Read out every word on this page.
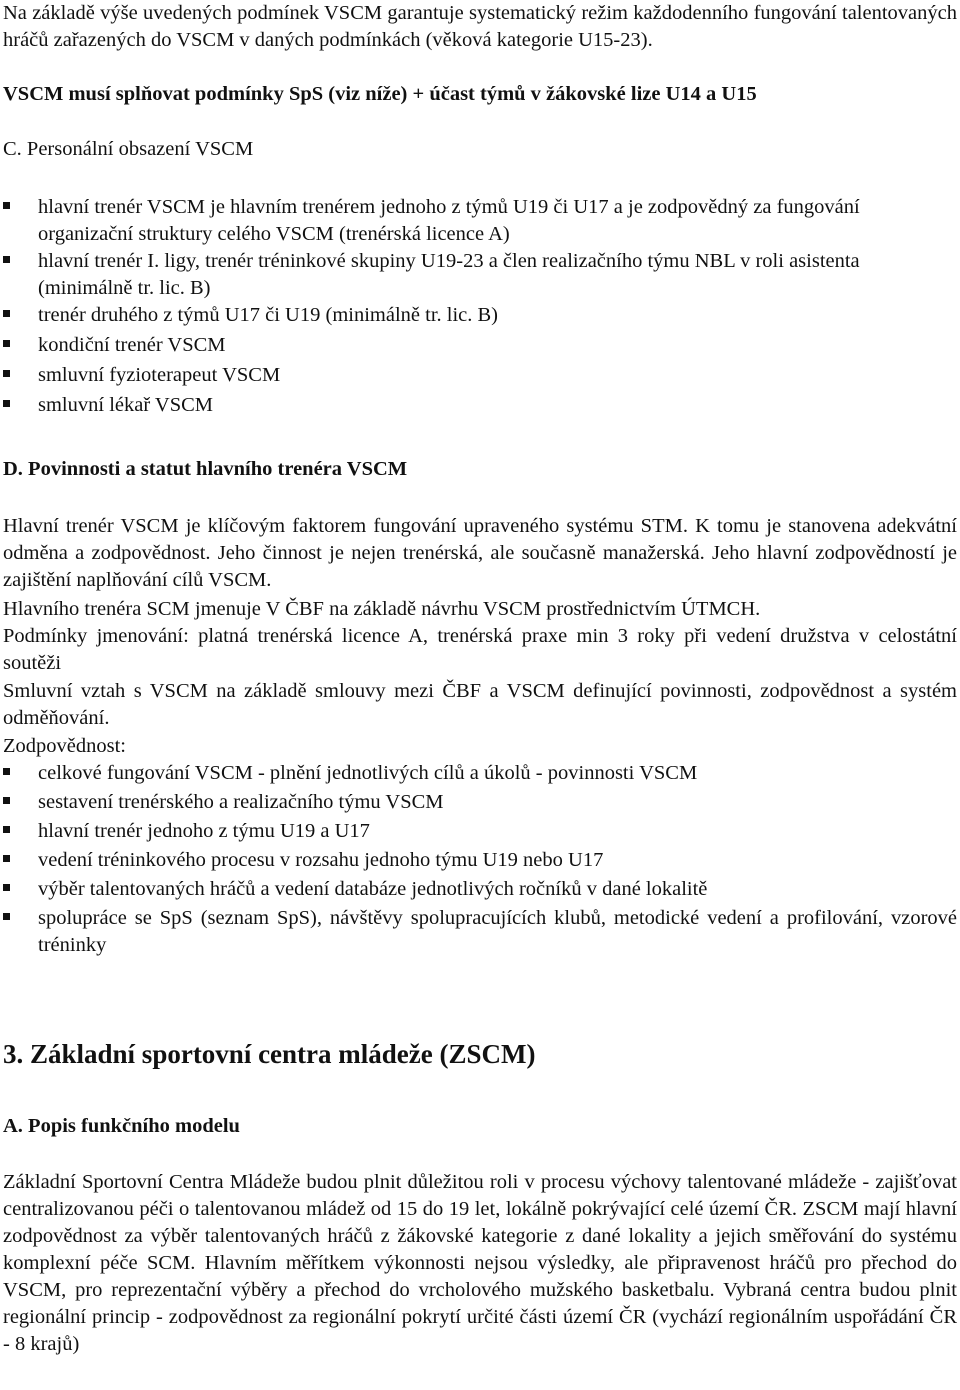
Na základě výše uvedených podmínek VSCM garantuje systematický režim každodenního fungování talentovaných hráčů zařazených do VSCM v daných podmínkách (věková kategorie U15-23).

VSCM musí splňovat podmínky SpS (viz níže) + účast týmů v žákovské lize U14 a U15

C. Personální obsazení VSCM

hlavní trenér VSCM je hlavním trenérem jednoho z týmů U19 či U17 a je zodpovědný za fungování organizační struktury celého VSCM (trenérská licence A)
hlavní trenér I. ligy, trenér tréninkové skupiny U19-23 a člen realizačního týmu NBL v roli asistenta (minimálně tr. lic. B)
trenér druhého z týmů U17 či U19 (minimálně tr. lic. B)
kondiční trenér VSCM
smluvní fyzioterapeut VSCM
smluvní lékař VSCM

D. Povinnosti a statut hlavního trenéra VSCM

Hlavní trenér VSCM je klíčovým faktorem fungování upraveného systému STM. K tomu je stanovena adekvátní odměna a zodpovědnost. Jeho činnost je nejen trenérská, ale současně manažerská. Jeho hlavní zodpovědností je zajištění naplňování cílů VSCM.

Hlavního trenéra SCM jmenuje V ČBF na základě návrhu VSCM prostřednictvím ÚTMCH.

Podmínky jmenování: platná trenérská licence A, trenérská praxe min 3 roky při vedení družstva v celostátní soutěži

Smluvní vztah s VSCM na základě smlouvy mezi ČBF a VSCM definující povinnosti, zodpovědnost a systém odměňování.

Zodpovědnost:

celkové fungování VSCM - plnění jednotlivých cílů a úkolů - povinnosti VSCM
sestavení trenérského a realizačního týmu VSCM
hlavní trenér jednoho z týmu U19 a U17
vedení tréninkového procesu v rozsahu jednoho týmu U19 nebo U17
výběr talentovaných hráčů a vedení databáze jednotlivých ročníků v dané lokalitě
spolupráce se SpS (seznam SpS), návštěvy spolupracujících klubů, metodické vedení a profilování, vzorové tréninky

3. Základní sportovní centra mládeže (ZSCM)

A. Popis funkčního modelu

Základní Sportovní Centra Mládeže budou plnit důležitou roli v procesu výchovy talentované mládeže - zajišťovat centralizovanou péči o talentovanou mládež od 15 do 19 let, lokálně pokrývající celé území ČR. ZSCM mají hlavní zodpovědnost za výběr talentovaných hráčů z žákovské kategorie z dané lokality a jejich směřování do systému komplexní péče SCM. Hlavním měřítkem výkonnosti nejsou výsledky, ale připravenost hráčů pro přechod do VSCM, pro reprezentační výběry a přechod do vrcholového mužského basketbalu. Vybraná centra budou plnit regionální princip - zodpovědnost za regionální pokrytí určité části území ČR (vychází regionálním uspořádání ČR - 8 krajů)
